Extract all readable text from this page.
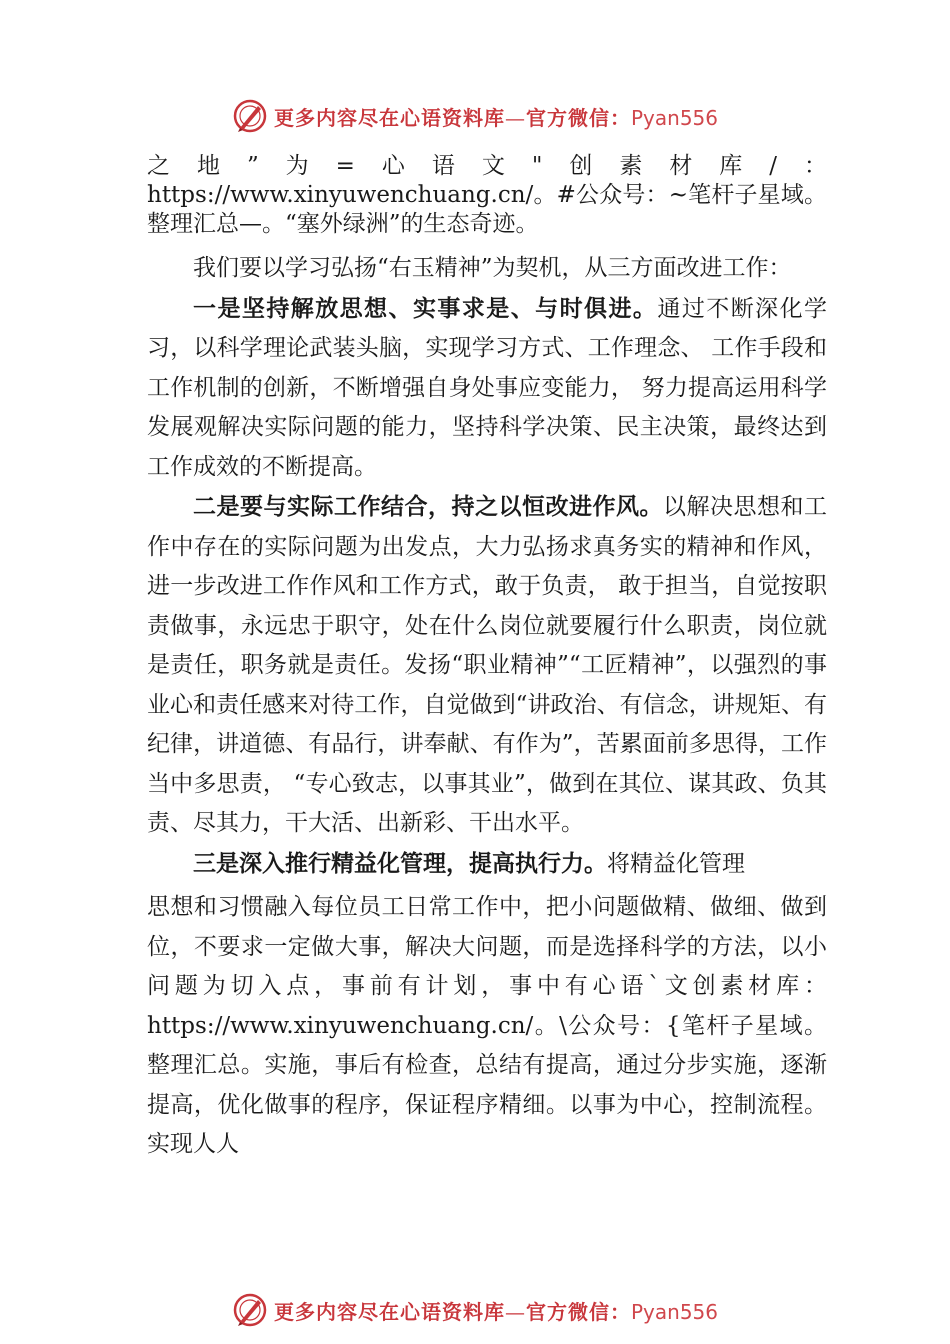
更多内容尽在心语资料库—官方微信：Pyan556

之地”为=心语文"创素材库/：https://www.xinyuwenchuang.cn/。#公众号：~笔杆子星域。整理汇总—。“塞外绿洲”的生态奇迹。

我们要以学习弘扬“右玉精神”为契机，从三方面改进工作：

一是坚持解放思想、实事求是、与时俱进。通过不断深化学习，以科学理论武装头脑，实现学习方式、工作理念、 工作手段和工作机制的创新，不断增强自身处事应变能力， 努力提高运用科学发展观解决实际问题的能力，坚持科学决策、民主决策，最终达到工作成效的不断提高。

二是要与实际工作结合，持之以恒改进作风。以解决思想和工作中存在的实际问题为出发点，大力弘扬求真务实的精神和作风，进一步改进工作作风和工作方式，敢于负责， 敢于担当，自觉按职责做事，永远忠于职守，处在什么岗位就要履行什么职责，岗位就是责任，职务就是责任。发扬“职业精神”“工匠精神”，以强烈的事业心和责任感来对待工作，自觉做到“讲政治、有信念，讲规矩、有纪律，讲道德、有品行，讲奉献、有作为”，苦累面前多思得，工作当中多思责， “专心致志，以事其业”，做到在其位、谋其政、负其责、尽其力，干大活、出新彩、干出水平。

三是深入推行精益化管理，提高执行力。将精益化管理

思想和习惯融入每位员工日常工作中，把小问题做精、做细、做到位，不要求一定做大事，解决大问题，而是选择科学的方法，以小问题为切入点，事前有计划，事中有心语`文创素材库：https://www.xinyuwenchuang.cn/。\公众号：{笔杆子星域。整理汇总。实施，事后有检查，总结有提高，通过分步实施，逐渐提高，优化做事的程序，保证程序精细。以事为中心，控制流程。实现人人

更多内容尽在心语资料库—官方微信：Pyan556
